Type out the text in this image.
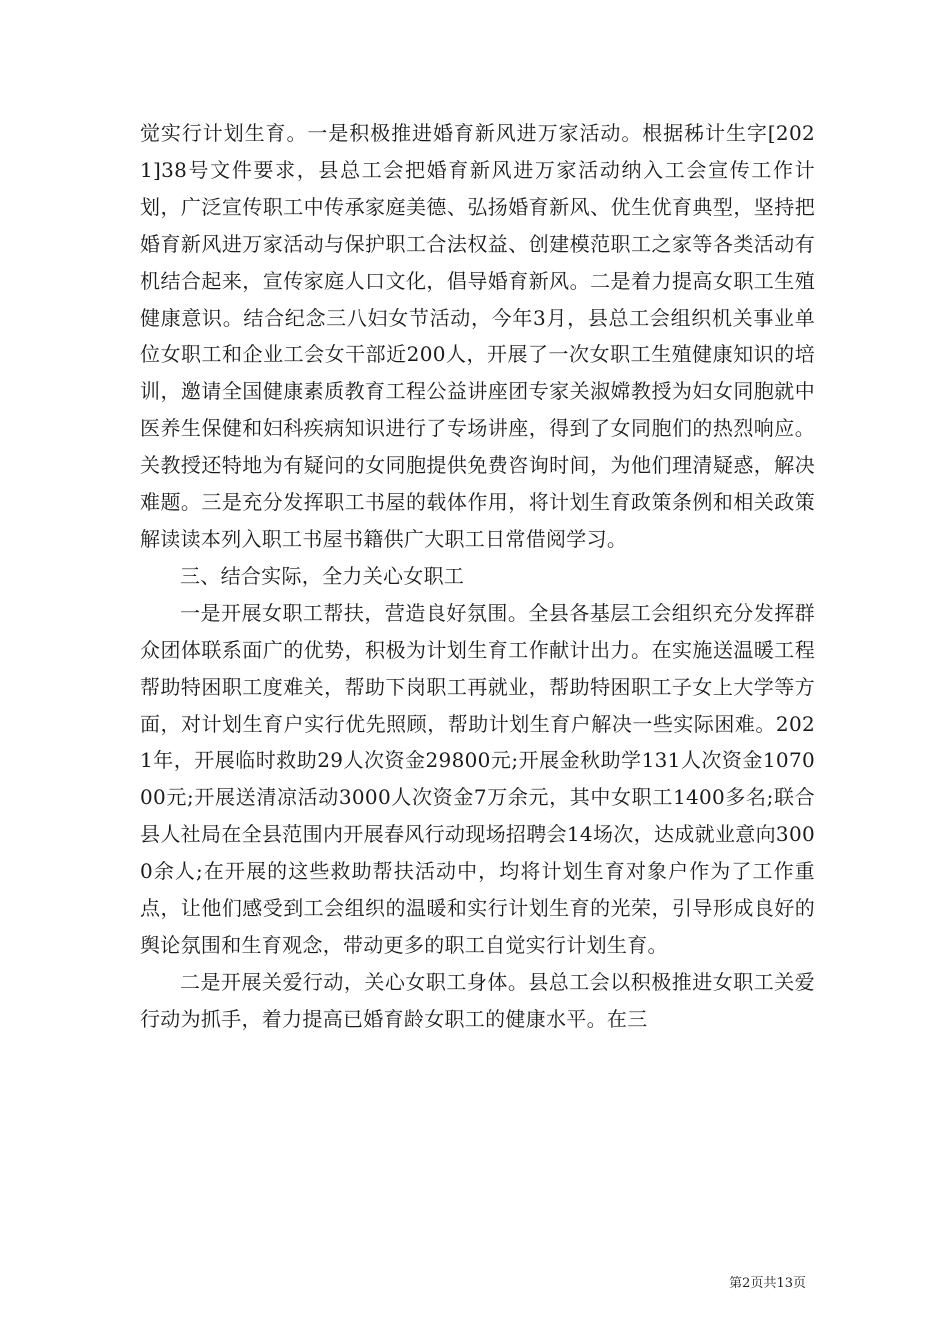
觉实行计划生育。一是积极推进婚育新风进万家活动。根据秭计生字[2021]38号文件要求，县总工会把婚育新风进万家活动纳入工会宣传工作计划，广泛宣传职工中传承家庭美德、弘扬婚育新风、优生优育典型，坚持把婚育新风进万家活动与保护职工合法权益、创建模范职工之家等各类活动有机结合起来，宣传家庭人口文化，倡导婚育新风。二是着力提高女职工生殖健康意识。结合纪念三八妇女节活动，今年3月，县总工会组织机关事业单位女职工和企业工会女干部近200人，开展了一次女职工生殖健康知识的培训，邀请全国健康素质教育工程公益讲座团专家关淑嫦教授为妇女同胞就中医养生保健和妇科疾病知识进行了专场讲座，得到了女同胞们的热烈响应。关教授还特地为有疑问的女同胞提供免费咨询时间，为他们理清疑惑，解决难题。三是充分发挥职工书屋的载体作用，将计划生育政策条例和相关政策解读读本列入职工书屋书籍供广大职工日常借阅学习。

三、结合实际，全力关心女职工

一是开展女职工帮扶，营造良好氛围。全县各基层工会组织充分发挥群众团体联系面广的优势，积极为计划生育工作献计出力。在实施送温暖工程帮助特困职工度难关，帮助下岗职工再就业，帮助特困职工子女上大学等方面，对计划生育户实行优先照顾，帮助计划生育户解决一些实际困难。2021年，开展临时救助29人次资金29800元;开展金秋助学131人次资金107000元;开展送清凉活动3000人次资金7万余元，其中女职工1400多名;联合县人社局在全县范围内开展春风行动现场招聘会14场次，达成就业意向3000余人;在开展的这些救助帮扶活动中，均将计划生育对象户作为了工作重点，让他们感受到工会组织的温暖和实行计划生育的光荣，引导形成良好的舆论氛围和生育观念，带动更多的职工自觉实行计划生育。

二是开展关爱行动，关心女职工身体。县总工会以积极推进女职工关爱行动为抓手，着力提高已婚育龄女职工的健康水平。在三

第2页共13页
